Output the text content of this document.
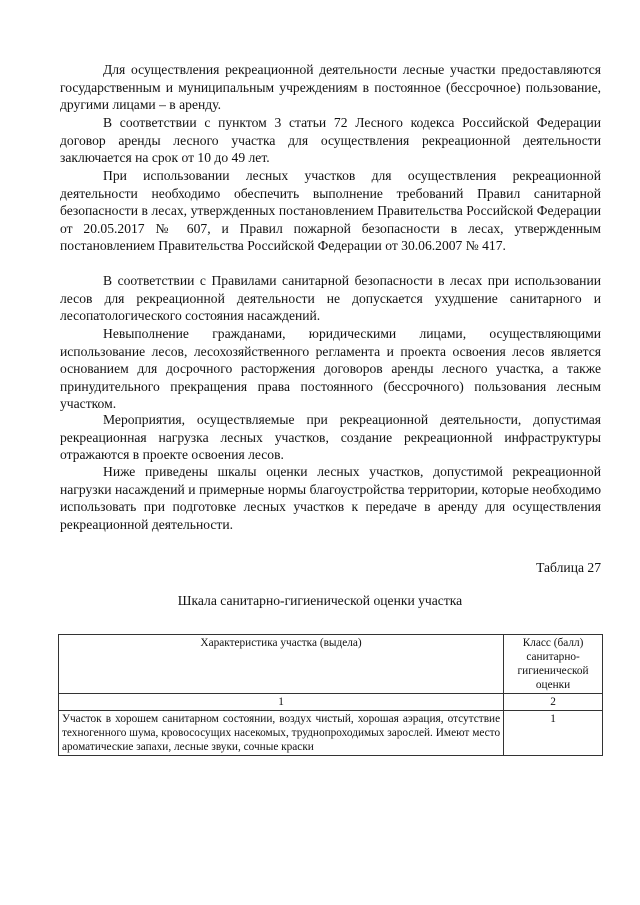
Для осуществления рекреационной деятельности лесные участки предоставляются государственным и муниципальным учреждениям в постоянное (бессрочное) пользование, другими лицами – в аренду.

В соответствии с пунктом 3 статьи 72 Лесного кодекса Российской Федерации договор аренды лесного участка для осуществления рекреационной деятельности заключается на срок от 10 до 49 лет.

При использовании лесных участков для осуществления рекреационной деятельности необходимо обеспечить выполнение требований Правил санитарной безопасности в лесах, утвержденных постановлением Правительства Российской Федерации от 20.05.2017 № 607, и Правил пожарной безопасности в лесах, утвержденным постановлением Правительства Российской Федерации от 30.06.2007 № 417.

В соответствии с Правилами санитарной безопасности в лесах при использовании лесов для рекреационной деятельности не допускается ухудшение санитарного и лесопатологического состояния насаждений.

Невыполнение гражданами, юридическими лицами, осуществляющими использование лесов, лесохозяйственного регламента и проекта освоения лесов является основанием для досрочного расторжения договоров аренды лесного участка, а также принудительного прекращения права постоянного (бессрочного) пользования лесным участком.

Мероприятия, осуществляемые при рекреационной деятельности, допустимая рекреационная нагрузка лесных участков, создание рекреационной инфраструктуры отражаются в проекте освоения лесов.

Ниже приведены шкалы оценки лесных участков, допустимой рекреационной нагрузки насаждений и примерные нормы благоустройства территории, которые необходимо использовать при подготовке лесных участков к передаче в аренду для осуществления рекреационной деятельности.

Таблица 27
Шкала санитарно-гигиенической оценки участка
Характеристика участка (выдела)	Класс (балл) санитарно-гигиенической оценки
1	2
Участок в хорошем санитарном состоянии, воздух чистый, хорошая аэрация, отсутствие техногенного шума, кровососущих насекомых, труднопроходимых зарослей. Имеют место ароматические запахи, лесные звуки, сочные краски	1
